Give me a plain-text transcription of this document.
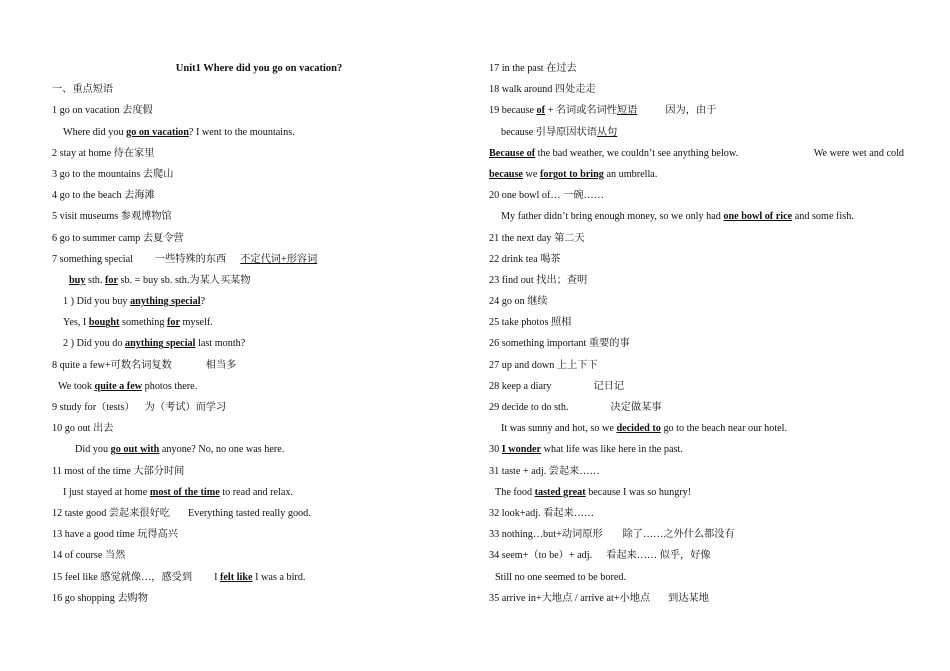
Unit1 Where did you go on vacation?
一、重点短语
1 go on vacation 去度假
Where did you go on vacation? I went to the mountains.
2 stay at home 待在家里
3 go to the mountains 去爬山
4 go to the beach 去海滩
5 visit museums 参观博物馆
6 go to summer camp 去夏令营
7 something special 一些特殊的东西 不定代词+形容词
buy sth. for sb. = buy sb. sth.为某人买某物
1 ) Did you buy anything special?
Yes, I bought something for myself.
2 ) Did you do anything special last month?
8 quite a few+可数名词复数	相当多
We took quite a few photos there.
9 study for（tests） 为（考试）而学习
10 go out 出去
Did you go out with anyone? No, no one was here.
11 most of the time 大部分时间
I just stayed at home most of the time to read and relax.
12 taste good 尝起来很好吃 Everything tasted really good.
13 have a good time 玩得高兴
14 of course 当然
15 feel like 感觉就像…，感受到 I felt like I was a bird.
16 go shopping 去购物
17 in the past 在过去
18 walk around 四处走走
19 because of + 名词或名词性短语	因为，由于
because 引导原因状语从句
Because of the bad weather, we couldn’t see anything below.	We were wet and cold
because we forgot to bring an umbrella.
20 one bowl of… 一碗……
My father didn’t bring enough money, so we only had one bowl of rice and some fish.
21 the next day 第二天
22 drink tea 喝茶
23 find out 找出；查明
24 go on 继续
25 take photos 照相
26 something important 重要的事
27 up and down 上上下下
28 keep a diary	记日记
29 decide to do sth.	决定做某事
It was sunny and hot, so we decided to go to the beach near our hotel.
30 I wonder what life was like here in the past.
31 taste + adj. 尝起来……
The food tasted great because I was so hungry!
32 look+adj. 看起来……
33 nothing…but+动词原形 除了……之外什么都没有
34 seem+（to be）+ adj. 看起来…… 似乎，好像
Still no one seemed to be bored.
35 arrive in+大地点 / arrive at+小地点 到达某地
